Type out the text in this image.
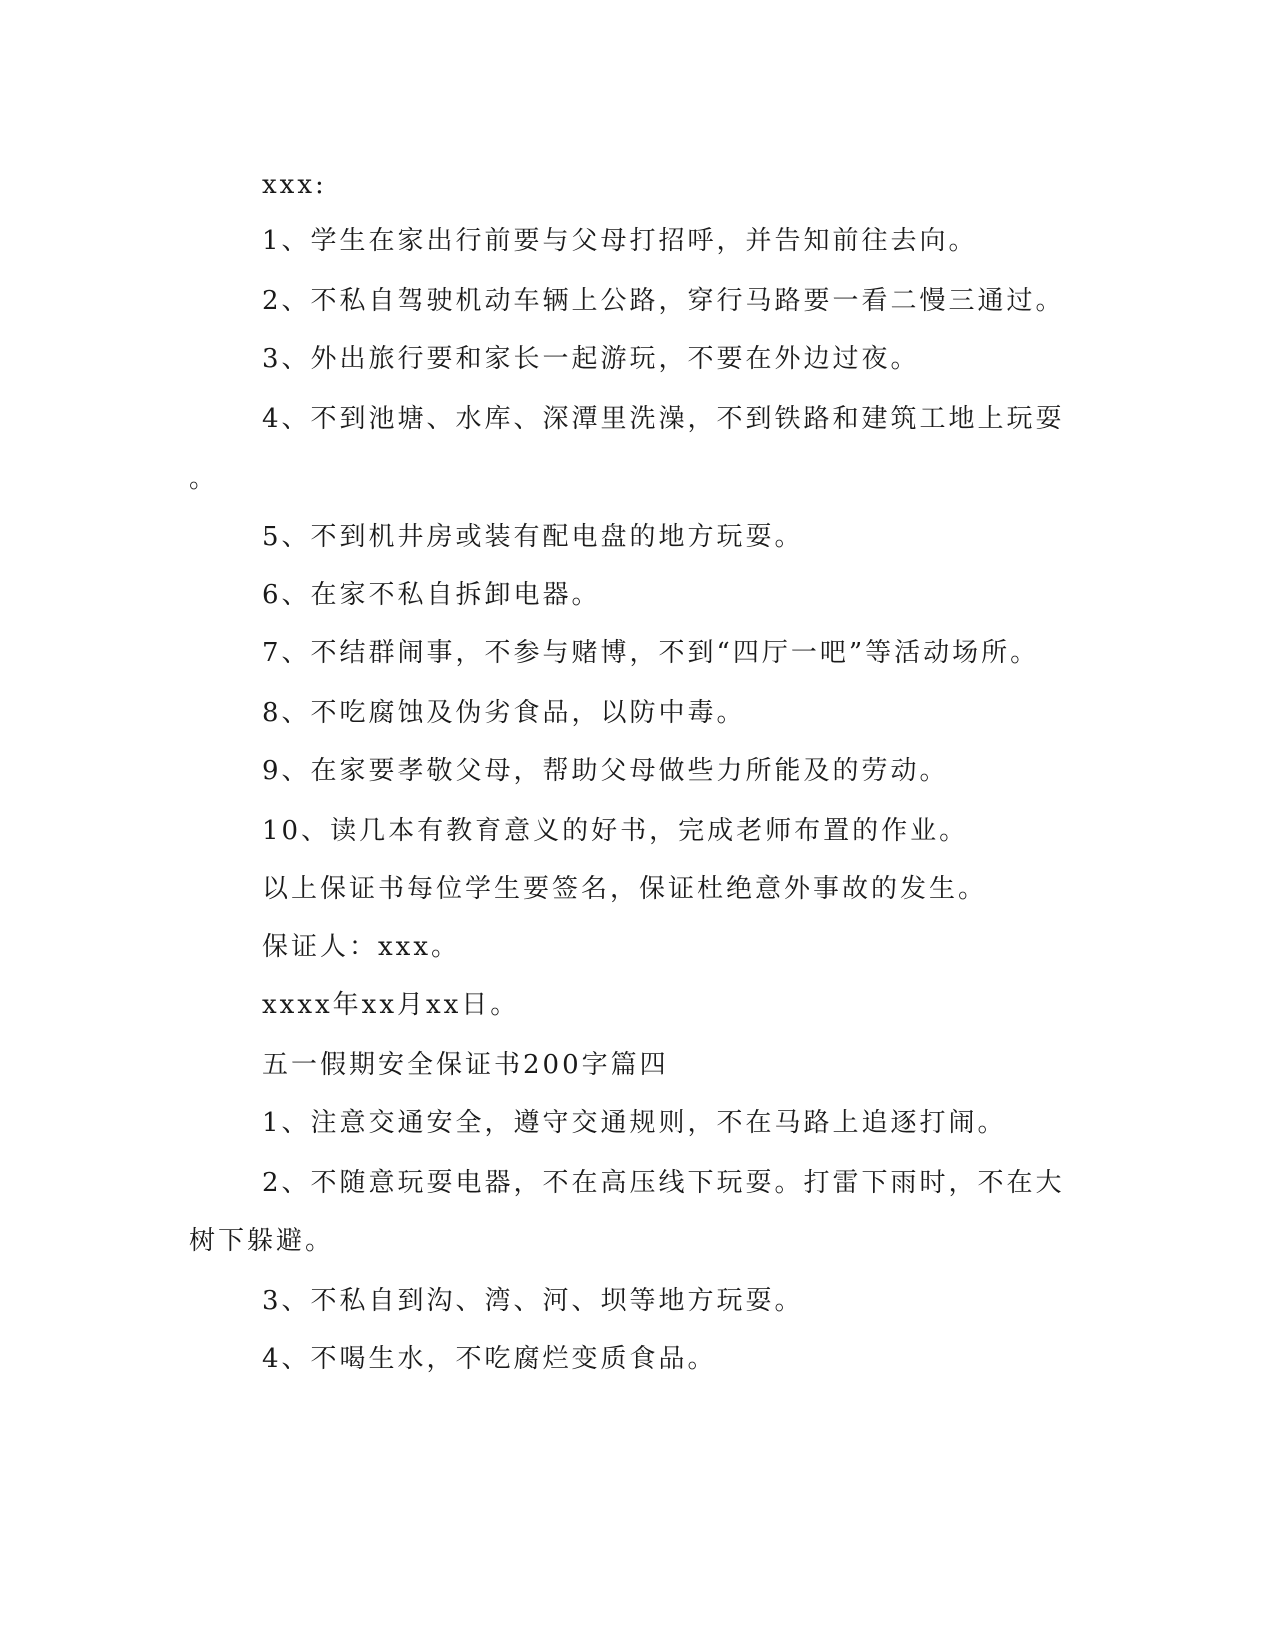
xxx:
1、学生在家出行前要与父母打招呼，并告知前往去向。
2、不私自驾驶机动车辆上公路，穿行马路要一看二慢三通过。
3、外出旅行要和家长一起游玩，不要在外边过夜。
4、不到池塘、水库、深潭里洗澡，不到铁路和建筑工地上玩耍
。
5、不到机井房或装有配电盘的地方玩耍。
6、在家不私自拆卸电器。
7、不结群闹事，不参与赌博，不到“四厅一吧”等活动场所。
8、不吃腐蚀及伪劣食品，以防中毒。
9、在家要孝敬父母，帮助父母做些力所能及的劳动。
10、读几本有教育意义的好书，完成老师布置的作业。
以上保证书每位学生要签名，保证杜绝意外事故的发生。
保证人：xxx。
xxxx年xx月xx日。
五一假期安全保证书200字篇四
1、注意交通安全，遵守交通规则，不在马路上追逐打闹。
2、不随意玩耍电器，不在高压线下玩耍。打雷下雨时，不在大
树下躲避。
3、不私自到沟、湾、河、坝等地方玩耍。
4、不喝生水，不吃腐烂变质食品。
